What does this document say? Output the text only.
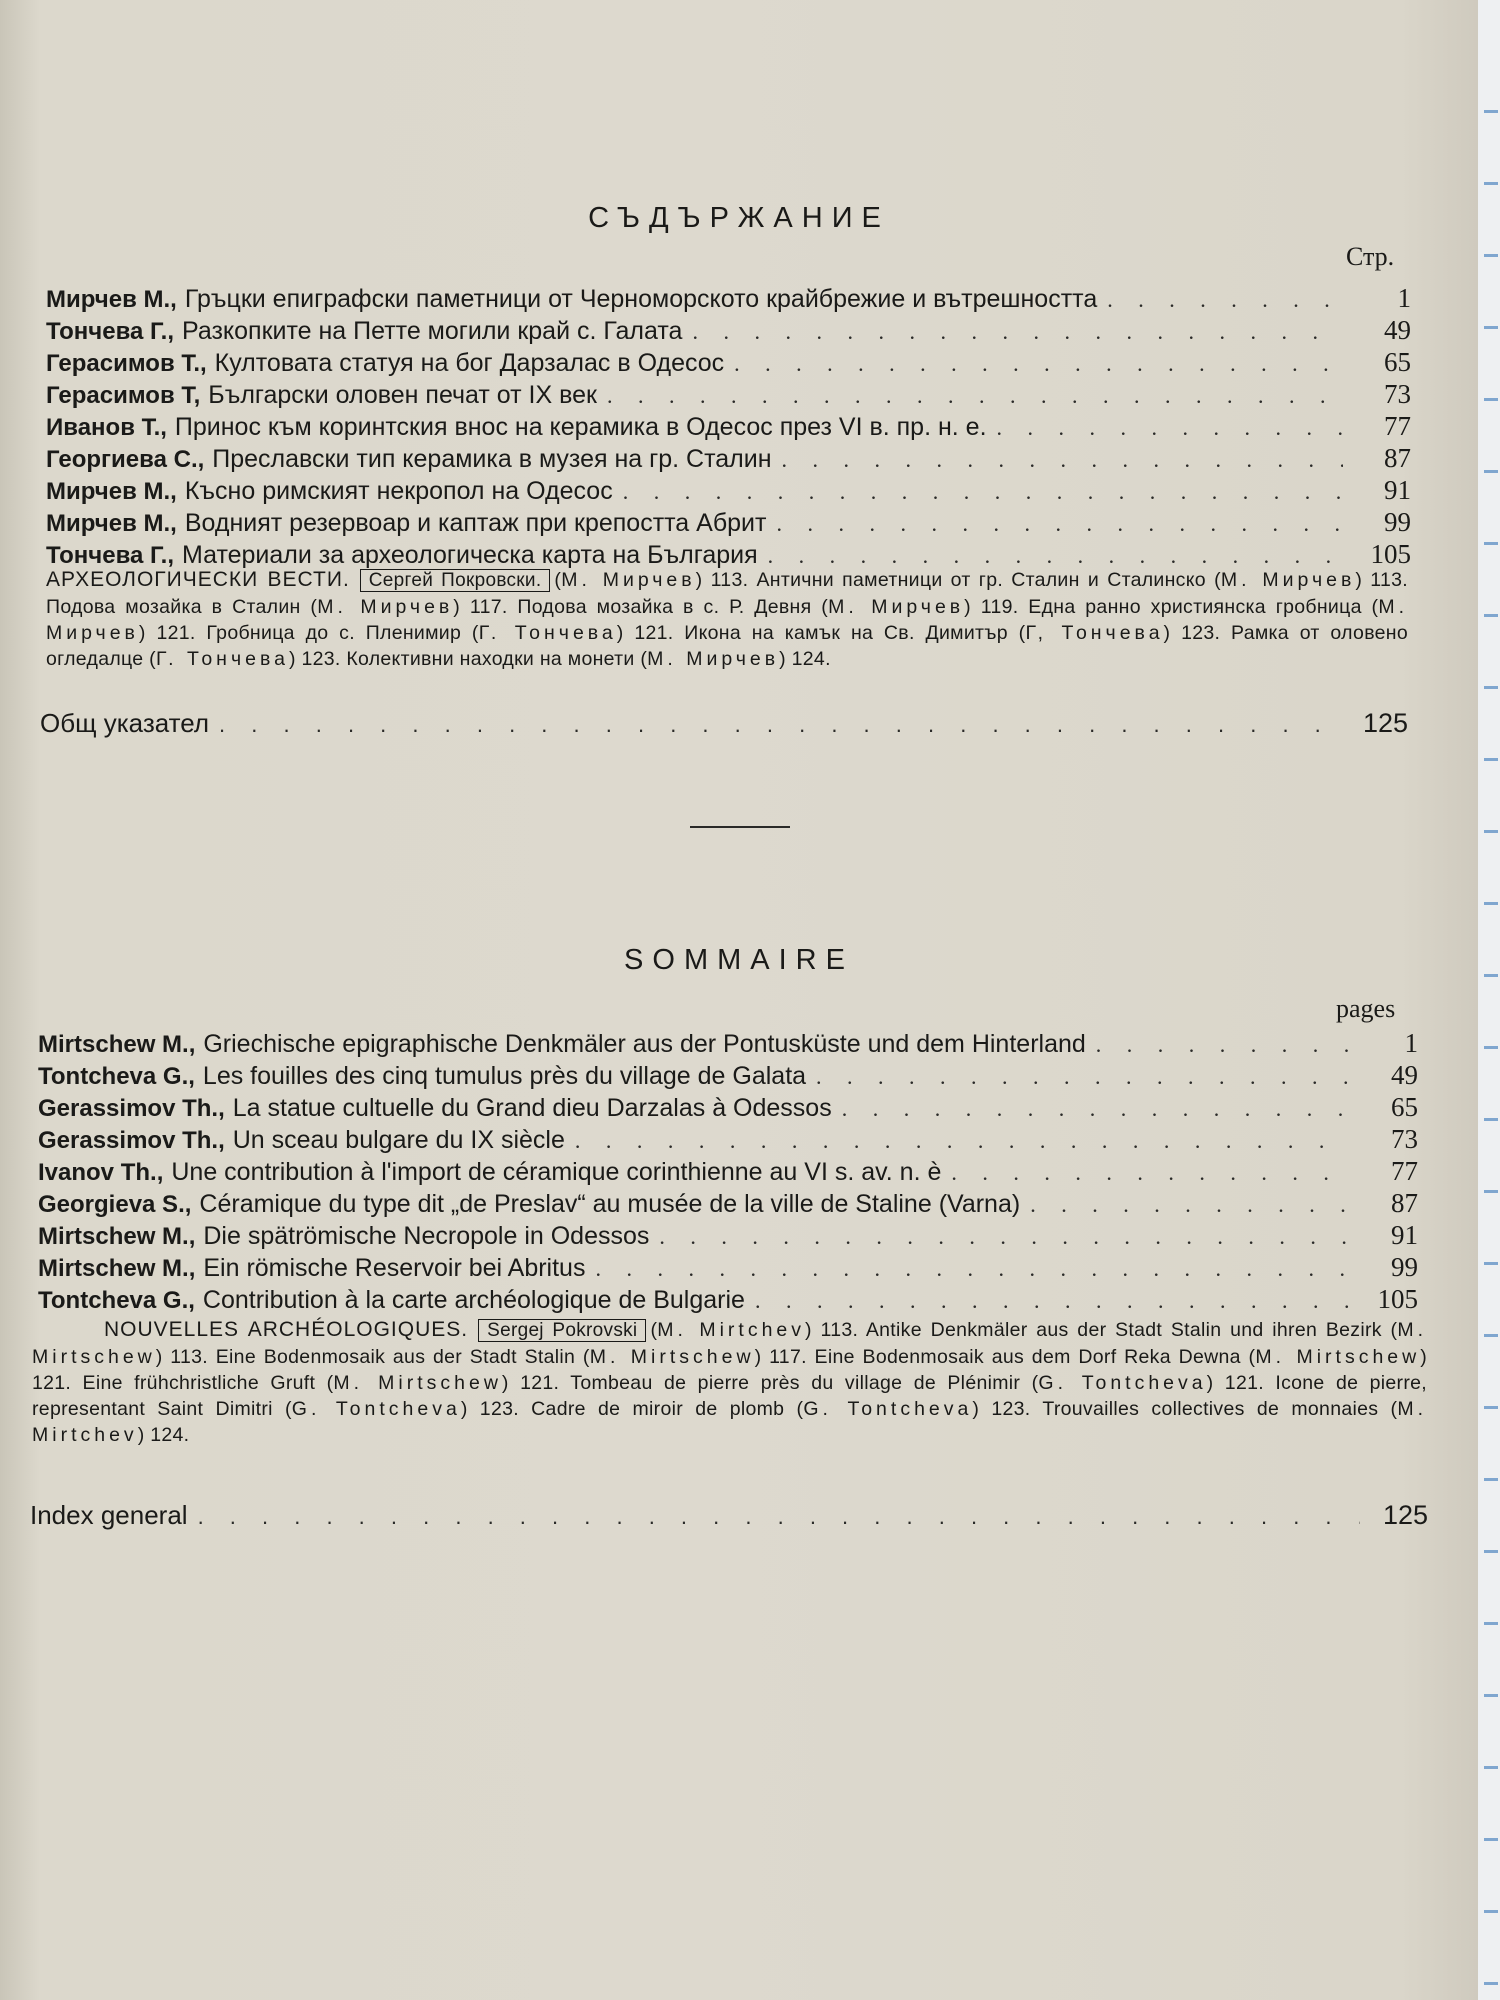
СЪДЪРЖАНИЕ
Стр.
Мирчев М., Гръцки епиграфски паметници от Черноморското крайбрежие и вътрешността . . .	1
Тончева Г., Разкопките на Петте могили край с. Галата . . .	49
Герасимов Т., Култовата статуя на бог Дарзалас в Одесос . . .	65
Герасимов Т, Български оловен печат от IX век . . .	73
Иванов Т., Принос към коринтския внос на керамика в Одесос през VI в. пр. н. е. . . .	77
Георгиева С., Преславски тип керамика в музея на гр. Сталин . . .	87
Мирчев М., Късно римският некропол на Одесос . . .	91
Мирчев М., Водният резервоар и каптаж при крепостта Абрит . . .	99
Тончева Г., Материали за археологическа карта на България . . .	105
АРХЕОЛОГИЧЕСКИ ВЕСТИ. Сергей Покровски. (М. Мирчев) 113. Антични паметници от гр. Сталин и Сталинско (М. Мирчев) 113. Подова мозайка в Сталин (М. Мирчев) 117. Подова мозайка в с. Р. Девня (М. Мирчев) 119. Една ранно християнска гробница (М. Мирчев) 121. Гробница до с. Пленимир (Г. Тончева) 121. Икона на камък на Св. Димитър (Г, Тончева) 123. Рамка от оловено огледалце (Г. Тончева) 123. Колективни находки на монети (М. Мирчев) 124.
Общ указател . . .	125
SOMMAIRE
pages
Mirtschew M., Griechische epigraphische Denkmäler aus der Pontusküste und dem Hinterland . . .	1
Tontcheva G., Les fouilles des cinq tumulus près du village de Galata . . .	49
Gerassimov Th., La statue cultuelle du Grand dieu Darzalas à Odessos . . .	65
Gerassimov Th., Un sceau bulgare du IX siècle . . .	73
Ivanov Th., Une contribution à l'import de céramique corinthienne au VI s. av. n. è . . .	77
Georgieva S., Céramique du type dit „de Preslav“ au musée de la ville de Staline (Varna) . . .	87
Mirtschew M., Die spätrömische Necropole in Odessos . . .	91
Mirtschew M., Ein römische Reservoir bei Abritus . . .	99
Tontcheva G., Contribution à la carte archéologique de Bulgarie . . .	105
NOUVELLES ARCHÉOLOGIQUES. Sergej Pokrovski (M. Mirtchev) 113. Antike Denkmäler aus der Stadt Stalin und ihren Bezirk (M. Mirtschew) 113. Eine Bodenmosaik aus der Stadt Stalin (M. Mirtschew) 117. Eine Bodenmosaik aus dem Dorf Reka Dewna (M. Mirtschew) 121. Eine frühchristliche Gruft (M. Mirtschew) 121. Tombeau de pierre près du village de Plénimir (G. Tontcheva) 121. Icone de pierre, representant Saint Dimitri (G. Tontcheva) 123. Cadre de miroir de plomb (G. Tontcheva) 123. Trouvailles collectives de monnaies (M. Mirtchev) 124.
Index general . . .	125
